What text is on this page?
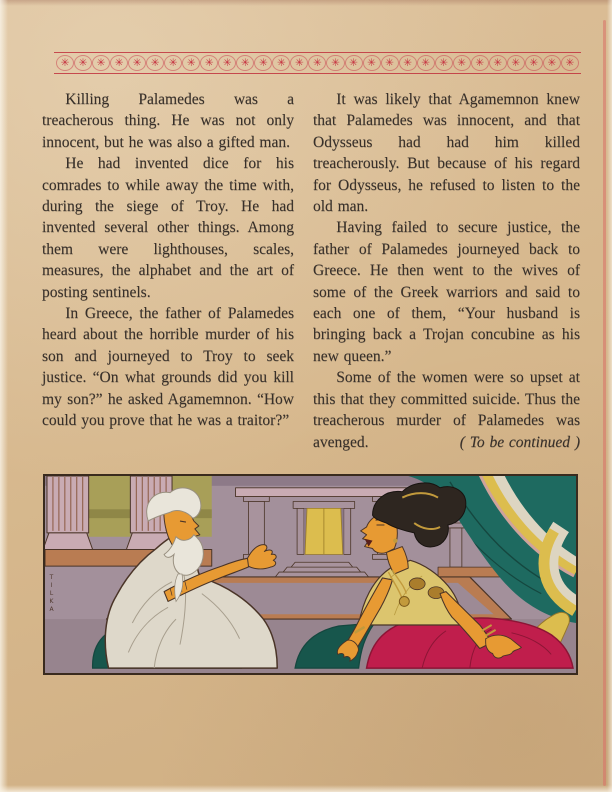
✳ ✳ ✳ ✳ ✳ ✳ ✳ ✳ ✳ ✳ ✳ ✳ ✳ ✳ ✳ ✳ ✳ ✳ ✳ ✳ ✳ ✳ ✳ ✳ ✳ ✳ ✳ ✳ ✳

Killing Palamedes was a treacherous thing. He was not only innocent, but he was also a gifted man.

He had invented dice for his comrades to while away the time with, during the siege of Troy. He had invented several other things. Among them were lighthouses, scales, measures, the alphabet and the art of posting sentinels.

In Greece, the father of Palamedes heard about the horrible murder of his son and journeyed to Troy to seek justice. “On what grounds did you kill my son?” he asked Agamemnon. “How could you prove that he was a traitor?”

It was likely that Agamemnon knew that Palamedes was innocent, and that Odysseus had had him killed treacherously. But because of his regard for Odysseus, he refused to listen to the old man.

Having failed to secure justice, the father of Palamedes journeyed back to Greece. He then went to the wives of some of the Greek warriors and said to each one of them, “Your husband is bringing back a Trojan concubine as his new queen.”

Some of the women were so upset at this that they committed suicide. Thus the treacherous murder of Palamedes was avenged.	( To be continued )

TILKA
